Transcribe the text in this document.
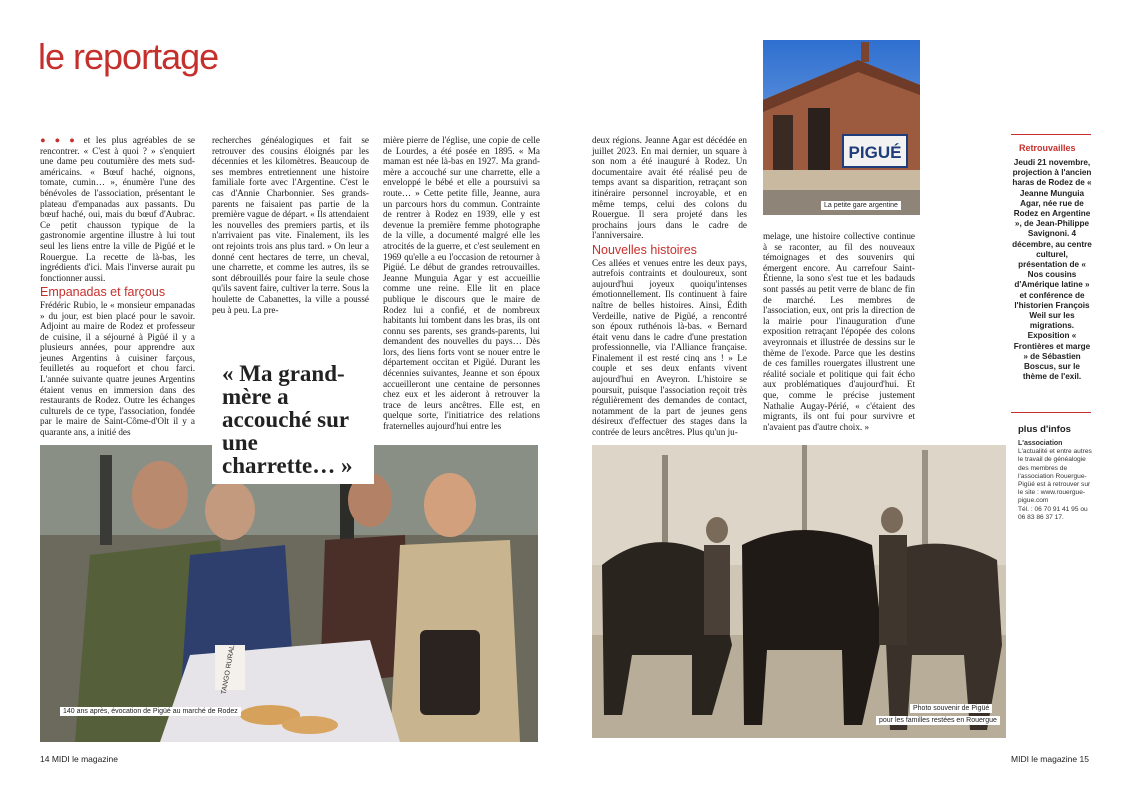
le reportage

● ● ● et les plus agréables de se rencontrer. « C'est à quoi ? » s'enquiert une dame peu coutumière des mets sud-américains. « Bœuf haché, oignons, tomate, cumin… », énumère l'une des bénévoles de l'association, présentant le plateau d'empanadas aux passants. Du bœuf haché, oui, mais du bœuf d'Aubrac. Ce petit chausson typique de la gastronomie argentine illustre à lui tout seul les liens entre la ville de Pigüé et le Rouergue. La recette de là-bas, les ingrédients d'ici. Mais l'inverse aurait pu fonctionner aussi.

Empanadas et farçous

Frédéric Rubio, le « monsieur empanadas » du jour, est bien placé pour le savoir. Adjoint au maire de Rodez et professeur de cuisine, il a séjourné à Pigüé il y a plusieurs années, pour apprendre aux jeunes Argentins à cuisiner farçous, feuilletés au roquefort et chou farci. L'année suivante quatre jeunes Argentins étaient venus en immersion dans des restaurants de Rodez. Outre les échanges culturels de ce type, l'association, fondée par le maire de Saint-Côme-d'Olt il y a quarante ans, a initié des

recherches généalogiques et fait se retrouver des cousins éloignés par les décennies et les kilomètres. Beaucoup de ses membres entretiennent une histoire familiale forte avec l'Argentine. C'est le cas d'Annie Charbonnier. Ses grands-parents ne faisaient pas partie de la première vague de départ. « Ils attendaient les nouvelles des premiers partis, et ils n'arrivaient pas vite. Finalement, ils les ont rejoints trois ans plus tard. » On leur a donné cent hectares de terre, un cheval, une charrette, et comme les autres, ils se sont débrouillés pour faire la seule chose qu'ils savent faire, cultiver la terre. Sous la houlette de Cabanettes, la ville a poussé peu à peu. La pre-

mière pierre de l'église, une copie de celle de Lourdes, a été posée en 1895. « Ma maman est née là-bas en 1927. Ma grand-mère a accouché sur une charrette, elle a enveloppé le bébé et elle a poursuivi sa route… » Cette petite fille, Jeanne, aura un parcours hors du commun. Contrainte de rentrer à Rodez en 1939, elle y est devenue la première femme photographe de la ville, a documenté malgré elle les atrocités de la guerre, et c'est seulement en 1969 qu'elle a eu l'occasion de retourner à Pigüé. Le début de grandes retrouvailles. Jeanne Munguia Agar y est accueillie comme une reine. Elle lit en place publique le discours que le maire de Rodez lui a confié, et de nombreux habitants lui tombent dans les bras, ils ont connu ses parents, ses grands-parents, lui demandent des nouvelles du pays… Dès lors, des liens forts vont se nouer entre le département occitan et Pigüé. Durant les décennies suivantes, Jeanne et son époux accueilleront une centaine de personnes chez eux et les aideront à retrouver la trace de leurs ancêtres. Elle est, en quelque sorte, l'initiatrice des relations fraternelles aujourd'hui entre les

deux régions. Jeanne Agar est décédée en juillet 2023. En mai dernier, un square à son nom a été inauguré à Rodez. Un documentaire avait été réalisé peu de temps avant sa disparition, retraçant son itinéraire personnel incroyable, et en même temps, celui des colons du Rouergue. Il sera projeté dans les prochains jours dans le cadre de l'anniversaire.

Nouvelles histoires

Ces allées et venues entre les deux pays, autrefois contraints et douloureux, sont aujourd'hui joyeux quoiqu'intenses émotionnellement. Ils continuent à faire naître de belles histoires. Ainsi, Édith Verdeille, native de Pigüé, a rencontré son époux ruthénois là-bas. « Bernard était venu dans le cadre d'une prestation professionnelle, via l'Alliance française. Finalement il est resté cinq ans ! » Le couple et ses deux enfants vivent aujourd'hui en Aveyron. L'histoire se poursuit, puisque l'association reçoit très régulièrement des demandes de contact, notamment de la part de jeunes gens désireux d'effectuer des stages dans la contrée de leurs ancêtres. Plus qu'un ju-

melage, une histoire collective continue à se raconter, au fil des nouveaux témoignages et des souvenirs qui émergent encore. Au carrefour Saint-Étienne, la sono s'est tue et les badauds sont passés au petit verre de blanc de fin de marché. Les membres de l'association, eux, ont pris la direction de la mairie pour l'inauguration d'une exposition retraçant l'épopée des colons aveyronnais et illustrée de dessins sur le thème de l'exode. Parce que les destins de ces familles rouergates illustrent une réalité sociale et politique qui fait écho aux problématiques d'aujourd'hui. Et que, comme le précise justement Nathalie Augay-Périé, « c'étaient des migrants, ils ont fui pour survivre et n'avaient pas d'autre choix. »

PIGUÉ
La petite gare argentine
Retrouvailles
Jeudi 21 novembre, projection à l'ancien haras de Rodez de « Jeanne Munguia Agar, née rue de Rodez en Argentine », de Jean-Philippe Savignoni. 4 décembre, au centre culturel, présentation de « Nos cousins d'Amérique latine » et conférence de l'historien François Weil sur les migrations. Exposition « Frontières et marge » de Sébastien Boscus, sur le thème de l'exil.
plus d'infos
L'association
L'actualité et entre autres le travail de généalogie des membres de l'association Rouergue-Pigüé est à retrouver sur le site : www.rouergue-pigue.com
Tél. : 06 70 91 41 95 ou 06 83 86 37 17.
TANGO RURAL
140 ans après, évocation de Pigüé au marché de Rodez
« Ma grand-mère a accouché sur une charrette… »
Photo souvenir de Pigüé
pour les familles restées en Rouergue
14 MIDI le magazine	MIDI le magazine 15
